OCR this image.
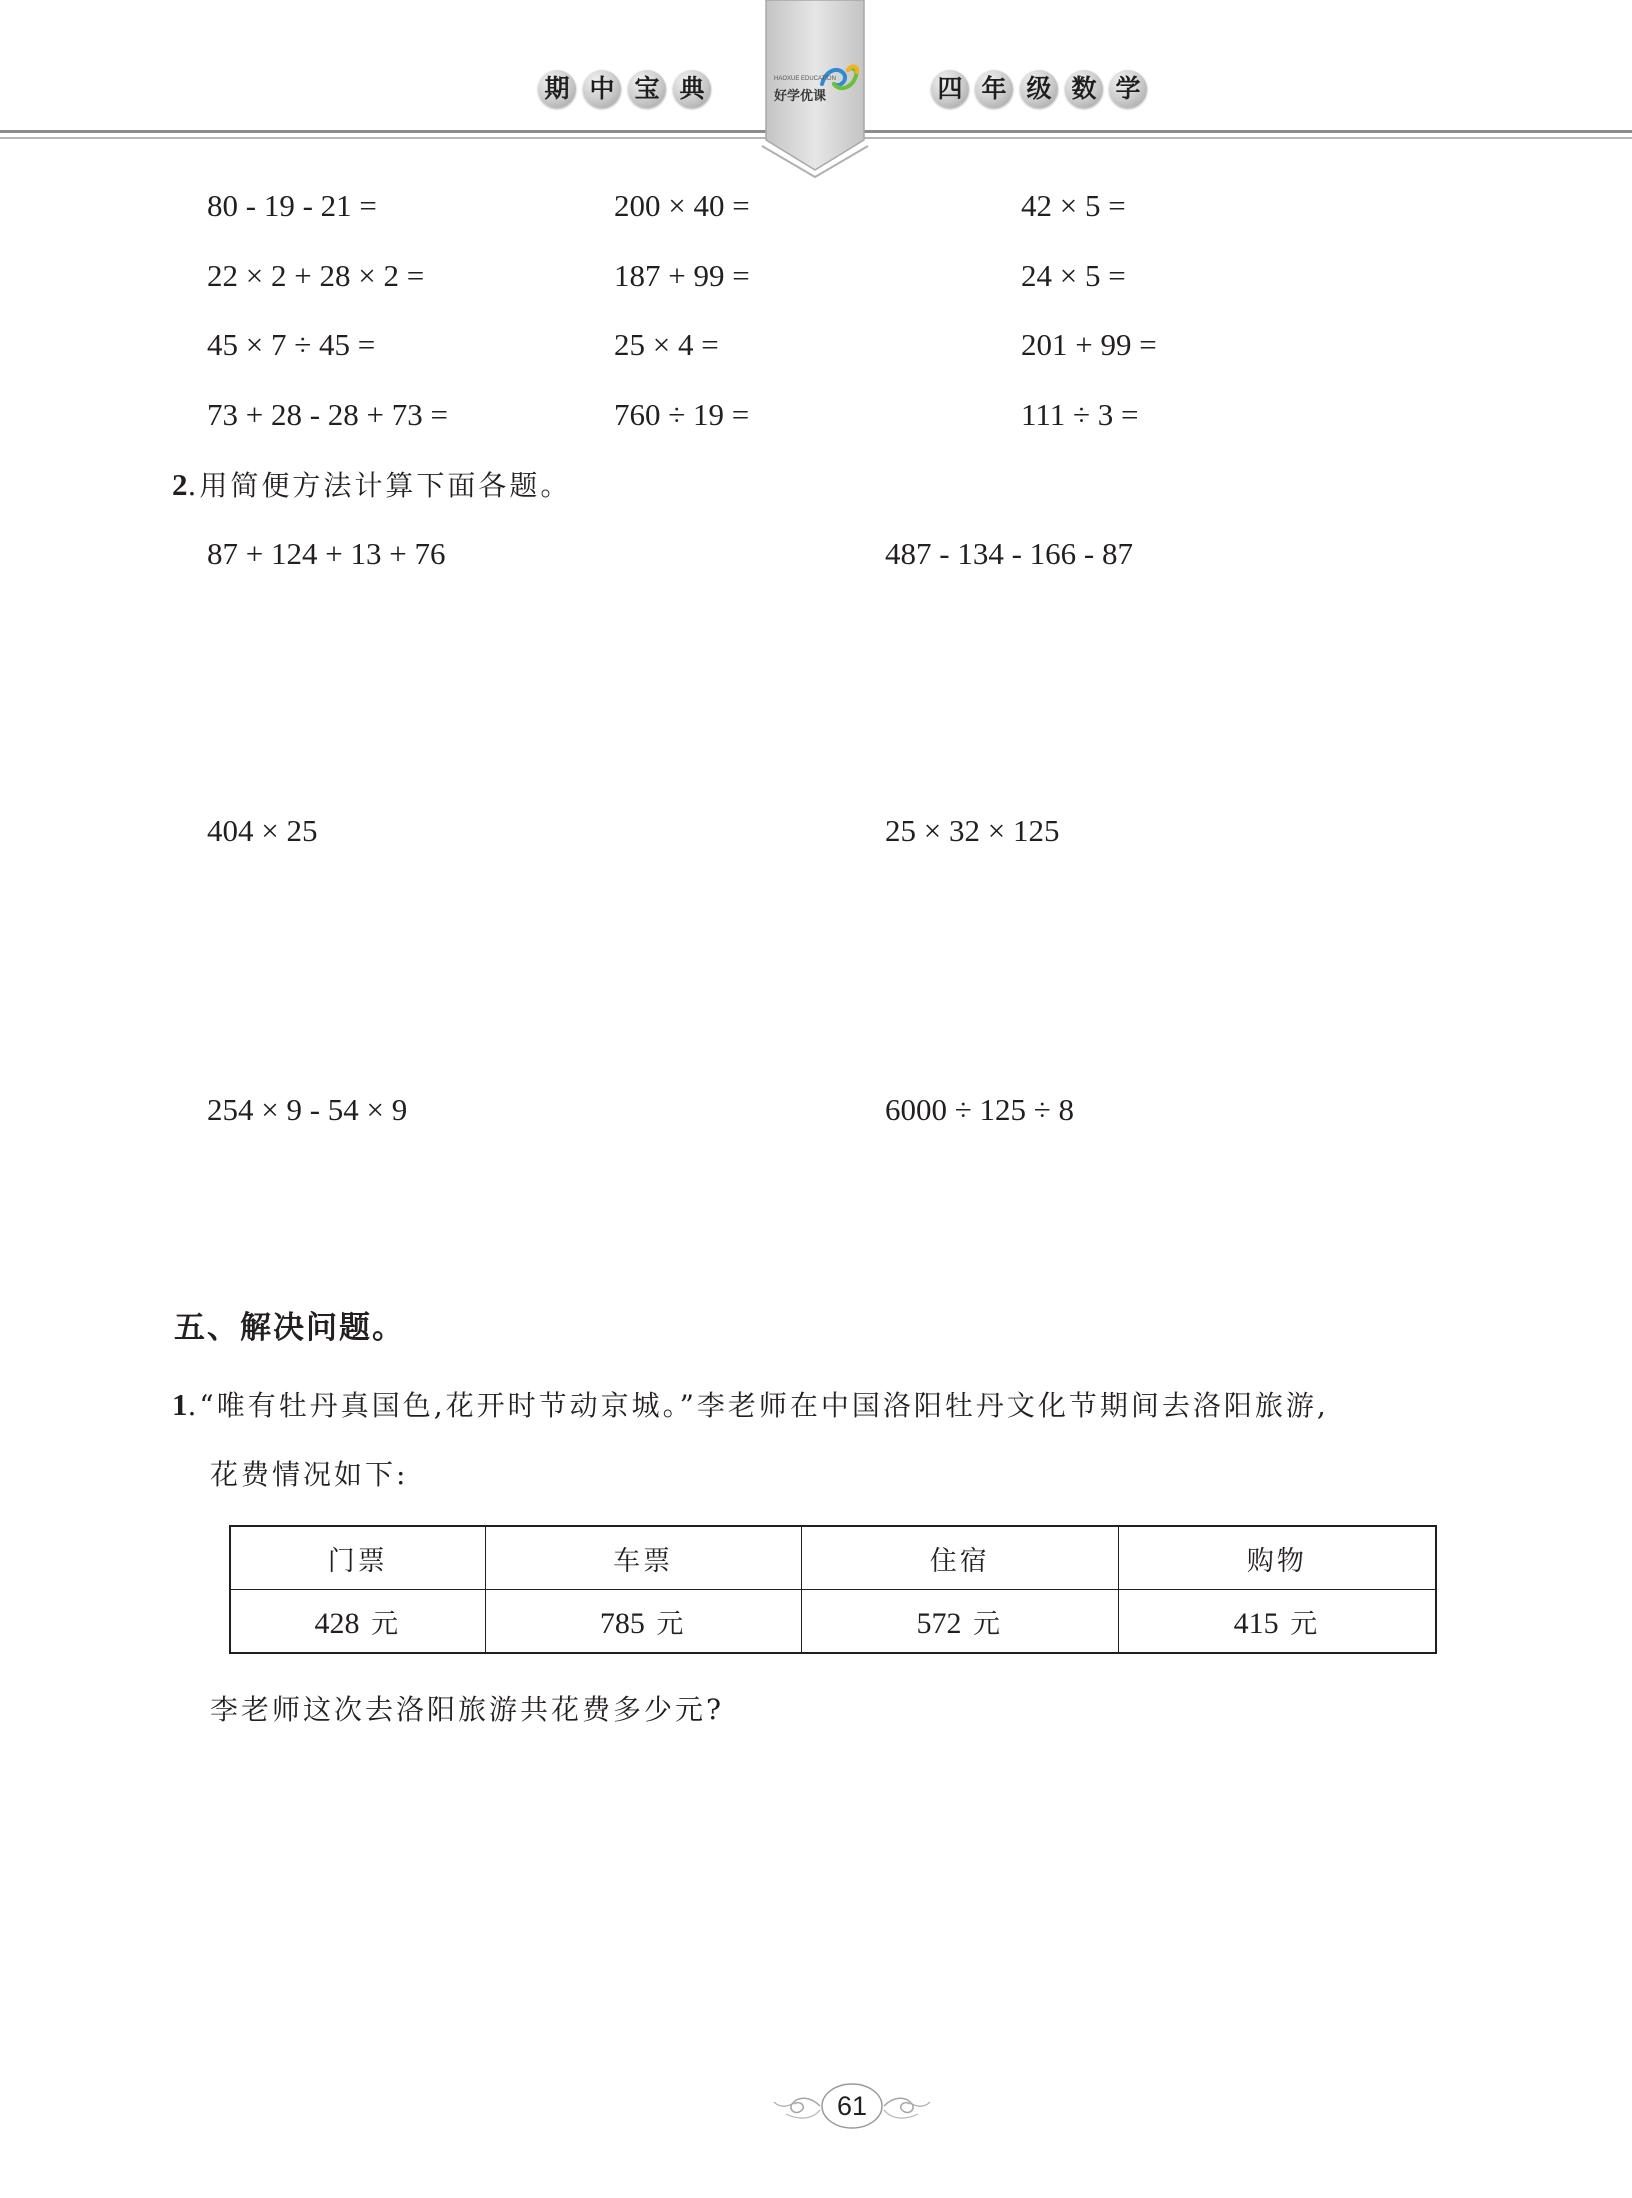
期 中 宝 典	HAOXUE EDUCATION
好学优课	四 年 级 数 学
80 - 19 - 21 =	200 × 40 =	42 × 5 =
22 × 2 + 28 × 2 =	187 + 99 =	24 × 5 =
45 × 7 ÷ 45 =	25 × 4 =	201 + 99 =
73 + 28 - 28 + 73 =	760 ÷ 19 =	111 ÷ 3 =
2.用简便方法计算下面各题。
87 + 124 + 13 + 76	487 - 134 - 166 - 87
404 × 25	25 × 32 × 125
254 × 9 - 54 × 9	6000 ÷ 125 ÷ 8
五、解决问题。
1.“唯有牡丹真国色,花开时节动京城。”李老师在中国洛阳牡丹文化节期间去洛阳旅游,
花费情况如下:
门票	车票	住宿	购物
428 元	785 元	572 元	415 元
李老师这次去洛阳旅游共花费多少元?
61
